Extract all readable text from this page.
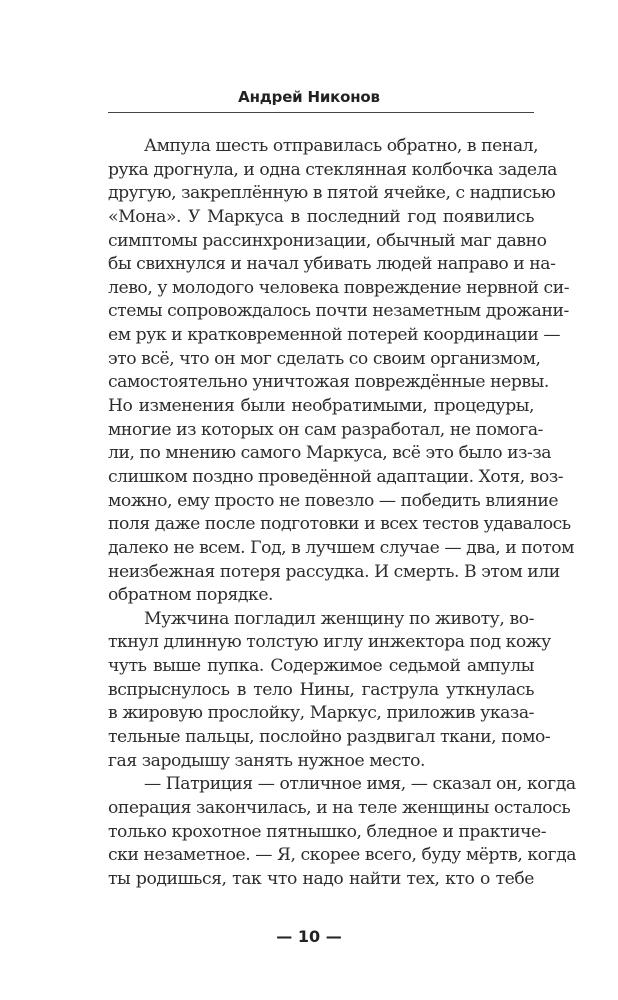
Андрей Никонов
Ампула шесть отправилась обратно, в пенал,
рука дрогнула, и одна стеклянная колбочка задела
другую, закреплённую в пятой ячейке, с надписью
«Мона». У Маркуса в последний год появились
симптомы рассинхронизации, обычный маг давно
бы свихнулся и начал убивать людей направо и на-
лево, у молодого человека повреждение нервной си-
стемы сопровождалось почти незаметным дрожани-
ем рук и кратковременной потерей координации —
это всё, что он мог сделать со своим организмом,
самостоятельно уничтожая повреждённые нервы.
Но изменения были необратимыми, процедуры,
многие из которых он сам разработал, не помога-
ли, по мнению самого Маркуса, всё это было из-за
слишком поздно проведённой адаптации. Хотя, воз-
можно, ему просто не повезло — победить влияние
поля даже после подготовки и всех тестов удавалось
далеко не всем. Год, в лучшем случае — два, и потом
неизбежная потеря рассудка. И смерть. В этом или
обратном порядке.
Мужчина погладил женщину по животу, во-
ткнул длинную толстую иглу инжектора под кожу
чуть выше пупка. Содержимое седьмой ампулы
вспрыснулось в тело Нины, гаструла уткнулась
в жировую прослойку, Маркус, приложив указа-
тельные пальцы, послойно раздвигал ткани, помо-
гая зародышу занять нужное место.
— Патриция — отличное имя, — сказал он, когда
операция закончилась, и на теле женщины осталось
только крохотное пятнышко, бледное и практиче-
ски незаметное. — Я, скорее всего, буду мёртв, когда
ты родишься, так что надо найти тех, кто о тебе
— 10 —
